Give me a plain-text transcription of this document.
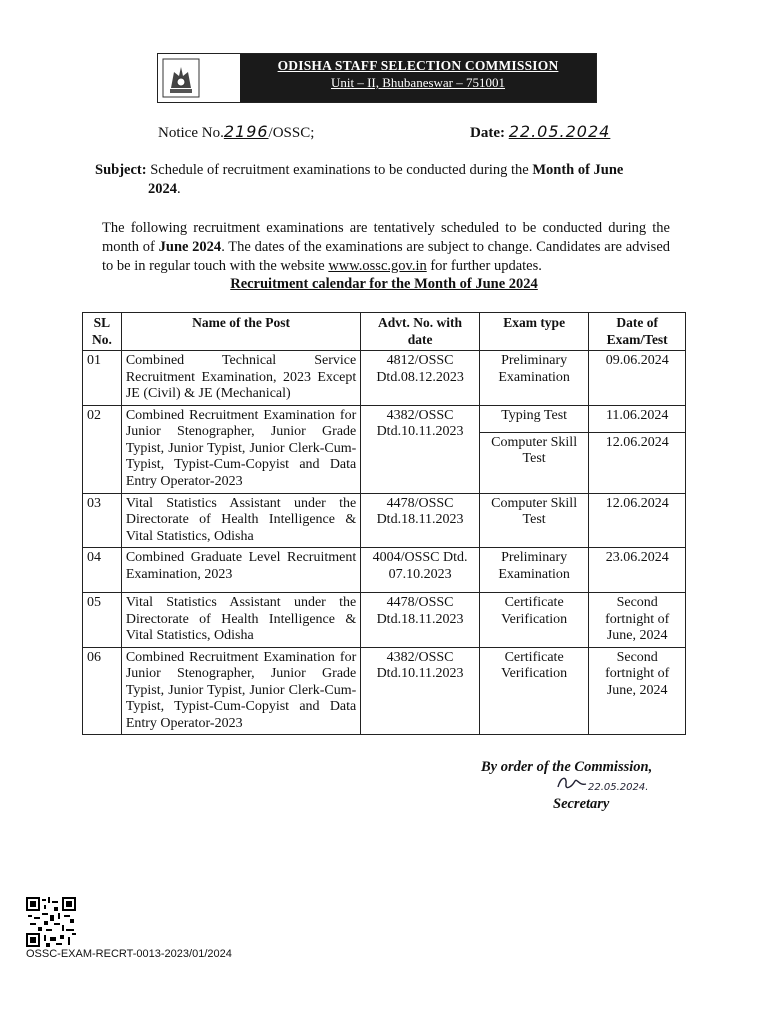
ODISHA STAFF SELECTION COMMISSION
Unit – II, Bhubaneswar – 751001
Notice No.2196/OSSC;	Date: 22.05.2024
Subject: Schedule of recruitment examinations to be conducted during the Month of June
2024.
The following recruitment examinations are tentatively scheduled to be conducted during the month of June 2024. The dates of the examinations are subject to change. Candidates are advised to be in regular touch with the website www.ossc.gov.in for further updates.
Recruitment calendar for the Month of June 2024
SL No.	Name of the Post	Advt. No. with date	Exam type	Date of Exam/Test
01	Combined Technical Service Recruitment Examination, 2023 Except JE (Civil) & JE (Mechanical)	4812/OSSC Dtd.08.12.2023	Preliminary Examination	09.06.2024
02	Combined Recruitment Examination for Junior Stenographer, Junior Grade Typist, Junior Typist, Junior Clerk-Cum-Typist, Typist-Cum-Copyist and Data Entry Operator-2023	4382/OSSC Dtd.10.11.2023	Typing Test	11.06.2024
			Computer Skill Test	12.06.2024
03	Vital Statistics Assistant under the Directorate of Health Intelligence & Vital Statistics, Odisha	4478/OSSC Dtd.18.11.2023	Computer Skill Test	12.06.2024
04	Combined Graduate Level Recruitment Examination, 2023	4004/OSSC Dtd. 07.10.2023	Preliminary Examination	23.06.2024
05	Vital Statistics Assistant under the Directorate of Health Intelligence & Vital Statistics, Odisha	4478/OSSC Dtd.18.11.2023	Certificate Verification	Second fortnight of June, 2024
06	Combined Recruitment Examination for Junior Stenographer, Junior Grade Typist, Junior Typist, Junior Clerk-Cum-Typist, Typist-Cum-Copyist and Data Entry Operator-2023	4382/OSSC Dtd.10.11.2023	Certificate Verification	Second fortnight of June, 2024
By order of the Commission,
22.05.2024.
Secretary
OSSC-EXAM-RECRT-0013-2023/01/2024
